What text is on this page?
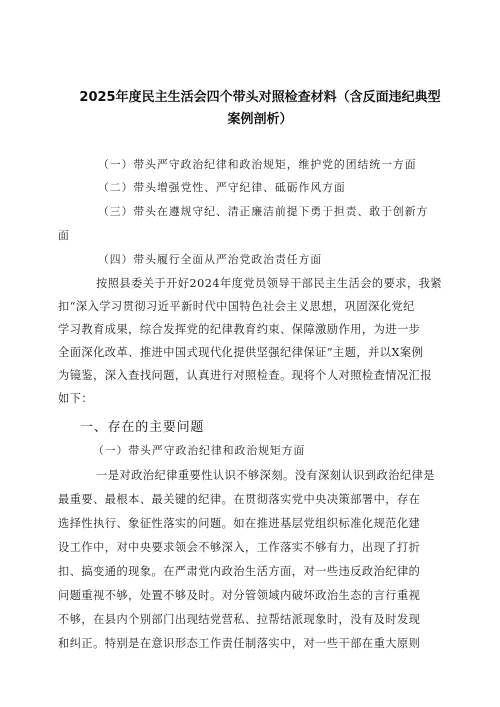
2025年度民主生活会四个带头对照检查材料（含反面违纪典型
案例剖析）
（一）带头严守政治纪律和政治规矩，维护党的团结统一方面
（二）带头增强党性、严守纪律、砥砺作风方面
（三）带头在遵规守纪、清正廉洁前提下勇于担责、敢于创新方
面
（四）带头履行全面从严治党政治责任方面
按照县委关于开好2024年度党员领导干部民主生活会的要求，我紧
扣“深入学习贯彻习近平新时代中国特色社会主义思想，巩固深化党纪
学习教育成果，综合发挥党的纪律教育约束、保障激励作用，为进一步
全面深化改革、推进中国式现代化提供坚强纪律保证”主题，并以X案例
为镜鉴，深入查找问题，认真进行对照检查。现将个人对照检查情况汇报
如下：
一、存在的主要问题
（一）带头严守政治纪律和政治规矩方面
一是对政治纪律重要性认识不够深刻。没有深刻认识到政治纪律是
最重要、最根本、最关键的纪律。在贯彻落实党中央决策部署中，存在
选择性执行、象征性落实的问题。如在推进基层党组织标准化规范化建
设工作中，对中央要求领会不够深入，工作落实不够有力，出现了打折
扣、搞变通的现象。在严肃党内政治生活方面，对一些违反政治纪律的
问题重视不够，处置不够及时。对分管领域内破坏政治生态的言行重视
不够，在县内个别部门出现结党营私、拉帮结派现象时，没有及时发现
和纠正。特别是在意识形态工作责任制落实中，对一些干部在重大原则
